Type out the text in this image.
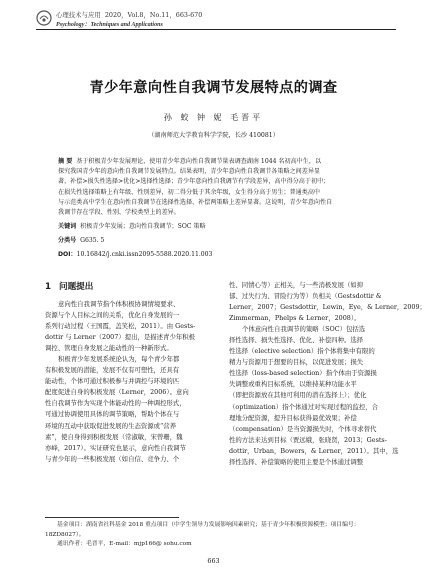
心理技术与应用 2020，Vol.8，No.11，663-670
Psychology：Techniques and Applications
青少年意向性自我调节发展特点的调查
孙 蛟 钟 妮 毛晋平
（湖南师范大学教育科学学院，长沙 410081）
摘 要 基于积极青少年发展理论，使用青少年意向性自我调节量表调查湖南 1044 名初高中生，以
探究我国青少年的意向性自我调节发展特点。结果表明，青少年意向性自我调节各策略之间差异显
著，补偿>损失性选择>优化>选择性选择；青少年意向性自我调节有学段差异，高中得分高于初中；
在损失性选择策略上有年级、性别差异，初二得分低于其余年级，女生得分高于男生；普通类高中
与示范类高中学生在意向性自我调节在选择性选择、补偿两策略上差异显著。这说明，青少年意向性自
我调节存在学段、性别、学校类型上的差异。
关键词 积极青少年发展；意向性自我调节；SOC 策略
分类号 G635. 5
DOI：10.16842/j.cnki.issn2095-5588.2020.11.003
1 问题提出
意向性自我调节指个体积极协调情境要求、
资源与个人目标之间的关系，优化自身发展的一
系列行动过程（王国霞，盖笑松，2011）。由 Gests-
dottir 与 Lerner（2007）提出，是描述青少年积极
调控、管理自身发展之能动性的一种新形式。
积极青少年发展系统论认为，每个青少年都
有积极发展的潜能，发展不仅有可塑性，还具有
能动性，个体可通过积极参与并调控与环境的匹
配度促进自身的积极发展（Lerner，2006）。意向
性自我调节作为实现个体能动性的一种调控形式，
可通过协调使用具体的调节策略，帮助个体在与
环境的互动中获取促进发展的生态资源或“营养
素”，使自身得到积极发展（常淑敏，宋曾珊，魏
亦峰，2017）。实证研究也显示，意向性自我调节
与青少年的一些积极发展（如自信、竞争力、个
性、同情心等）正相关，与一些消极发展（如抑
郁、过失行为、冒险行为等）负相关（Gestsdottir &
Lerner，2007；Gestsdottir，Lewin，Eye，& Lerner，2009；
Zimmerman，Phelps & Lerner，2008）。
个体意向性自我调节的策略（SOC）包括选
择性选择、损失性选择、优化、补偿四种。选择
性选择（elective selection）指个体将集中有限的
精力与资源用于想要的目标，以促进发展；损失
性选择（loss-based selection）指个体由于资源损
失调整或重构目标系统，以维持某种功能水平
（即把资源放在其他可利用的潜在选择上）；优化
（optimization）指个体通过对实现过程的监控，合
理地分配资源，提升目标获得最优效果；补偿
（compensation）是当资源损失时，个体寻求替代
性的方法来达到目标（贾远娥，张晓贤，2013；Gests-
dottir，Urban，Bowers，& Lerner，2011）。其中，选
择性选择、补偿策略的使用主要是个体通过调整
基金项目：湖南省社科基金 2018 重点项目（中学生领导力发展影响因素研究；基于青少年积极资源模型；项目编号：
18ZD8027）。
通讯作者：毛晋平，E-mail：mjp166@ sohu.com
663
